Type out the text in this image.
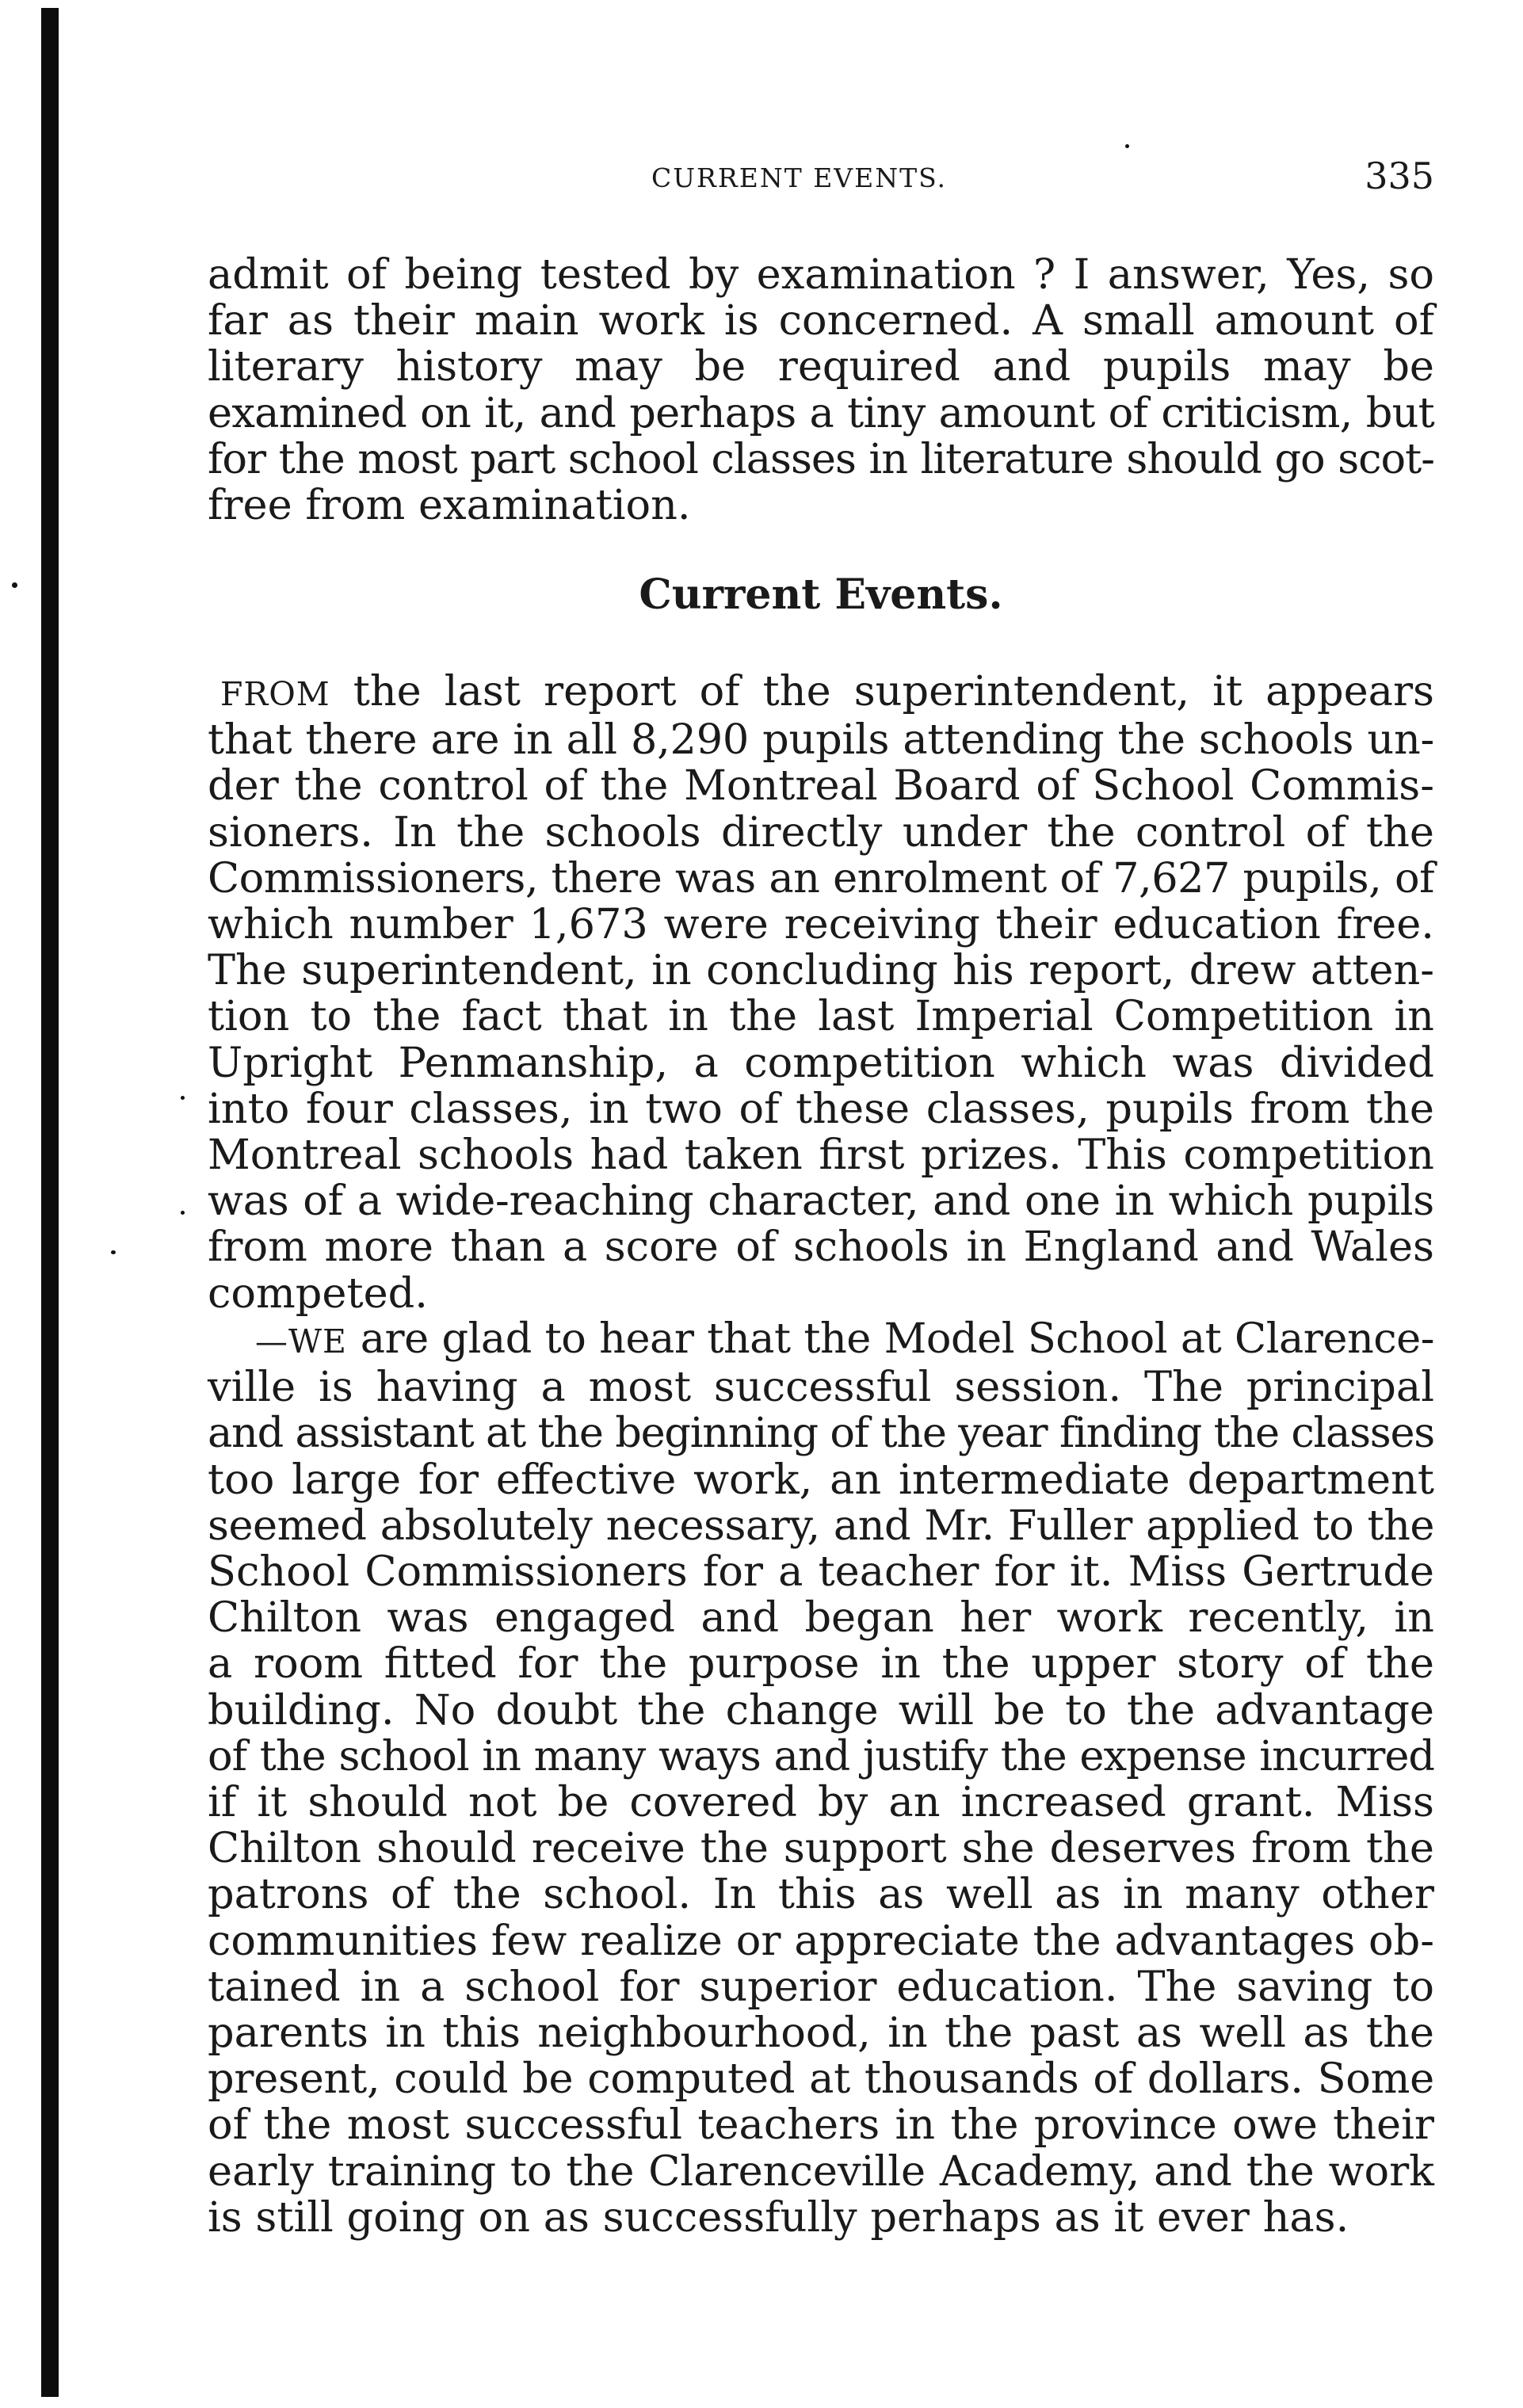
CURRENT EVENTS.	335
admit of being tested by examination ? I answer, Yes, so
far as their main work is concerned. A small amount of
literary history may be required and pupils may be
examined on it, and perhaps a tiny amount of criticism, but
for the most part school classes in literature should go scot-
free from examination.
Current Events.
FROM the last report of the superintendent, it appears
that there are in all 8,290 pupils attending the schools un-
der the control of the Montreal Board of School Commis-
sioners. In the schools directly under the control of the
Commissioners, there was an enrolment of 7,627 pupils, of
which number 1,673 were receiving their education free.
The superintendent, in concluding his report, drew atten-
tion to the fact that in the last Imperial Competition in
Upright Penmanship, a competition which was divided
into four classes, in two of these classes, pupils from the
Montreal schools had taken first prizes. This competition
was of a wide-reaching character, and one in which pupils
from more than a score of schools in England and Wales
competed.
—WE are glad to hear that the Model School at Clarence-
ville is having a most successful session. The principal
and assistant at the beginning of the year finding the classes
too large for effective work, an intermediate department
seemed absolutely necessary, and Mr. Fuller applied to the
School Commissioners for a teacher for it. Miss Gertrude
Chilton was engaged and began her work recently, in
a room fitted for the purpose in the upper story of the
building. No doubt the change will be to the advantage
of the school in many ways and justify the expense incurred
if it should not be covered by an increased grant. Miss
Chilton should receive the support she deserves from the
patrons of the school. In this as well as in many other
communities few realize or appreciate the advantages ob-
tained in a school for superior education. The saving to
parents in this neighbourhood, in the past as well as the
present, could be computed at thousands of dollars. Some
of the most successful teachers in the province owe their
early training to the Clarenceville Academy, and the work
is still going on as successfully perhaps as it ever has.
